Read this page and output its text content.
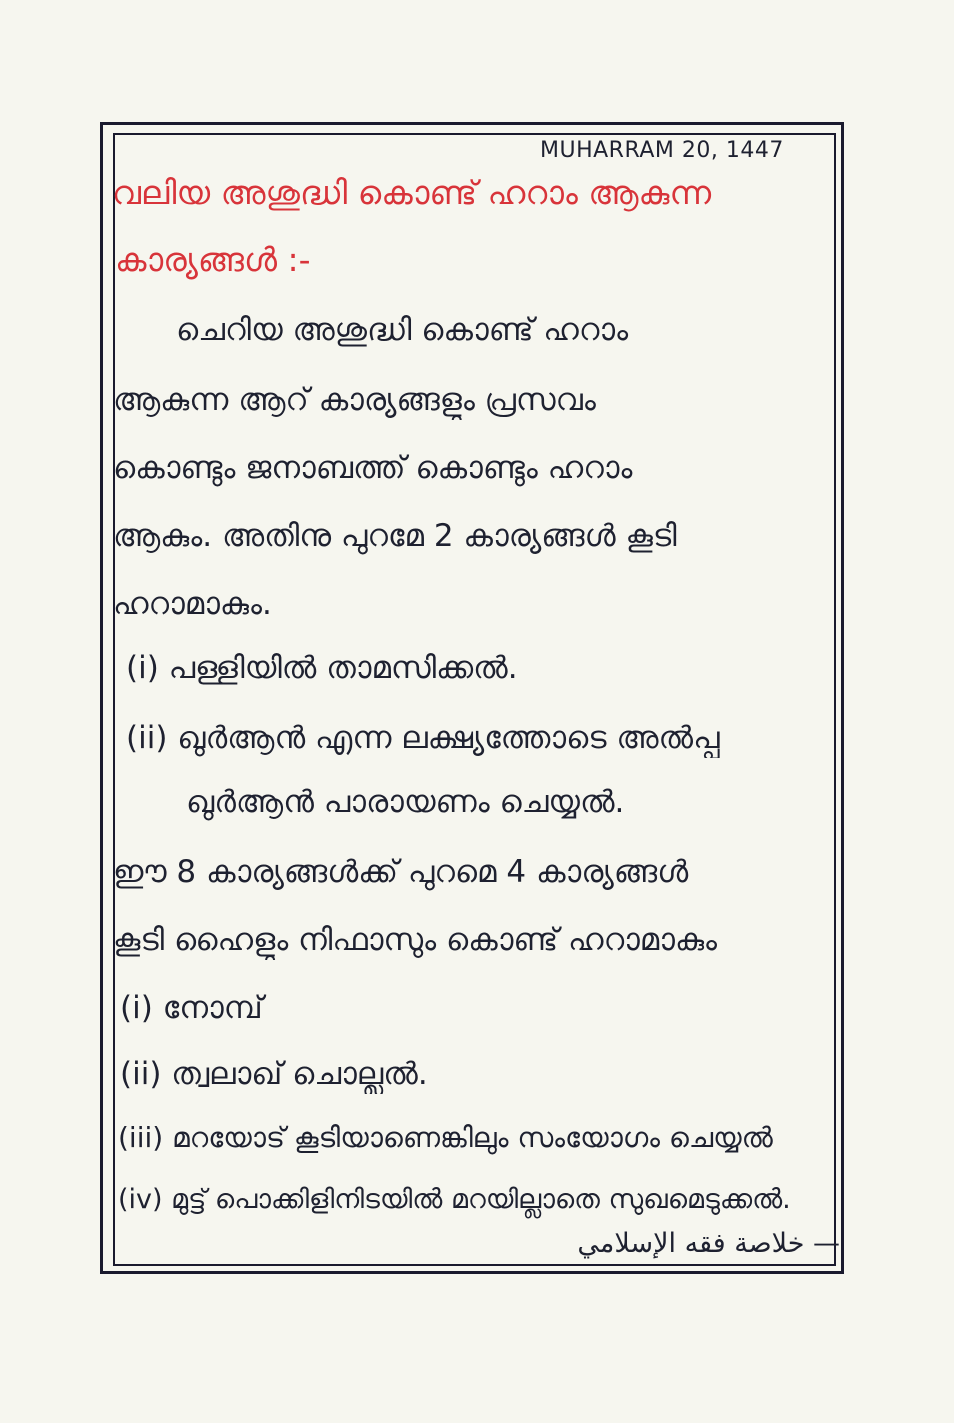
MUHARRAM 20, 1447
വലിയ അശുദ്ധി കൊണ്ട് ഹറാം ആകുന്ന
കാര്യങ്ങൾ :-
ചെറിയ അശുദ്ധി കൊണ്ട് ഹറാം
ആകുന്ന ആറ് കാര്യങ്ങളും പ്രസവം
കൊണ്ടും ജനാബത്ത് കൊണ്ടും ഹറാം
ആകും. അതിനു പുറമേ 2 കാര്യങ്ങൾ കൂടി
ഹറാമാകും.
(i) പള്ളിയിൽ താമസിക്കൽ.
(ii) ഖുർആൻ എന്ന ലക്ഷ്യത്തോടെ അൽപ്പ
ഖുർആൻ പാരായണം ചെയ്യൽ.
ഈ 8 കാര്യങ്ങൾക്ക് പുറമെ 4 കാര്യങ്ങൾ
കൂടി ഹൈളും നിഫാസും കൊണ്ട് ഹറാമാകും
(i) നോമ്പ്
(ii) ത്വലാഖ് ചൊല്ലൽ.
(iii) മറയോട് കൂടിയാണെങ്കിലും സംയോഗം ചെയ്യൽ
(iv) മുട്ട് പൊക്കിളിനിടയിൽ മറയില്ലാതെ സുഖമെടുക്കൽ.
— خلاصة فقه الإسلامي
